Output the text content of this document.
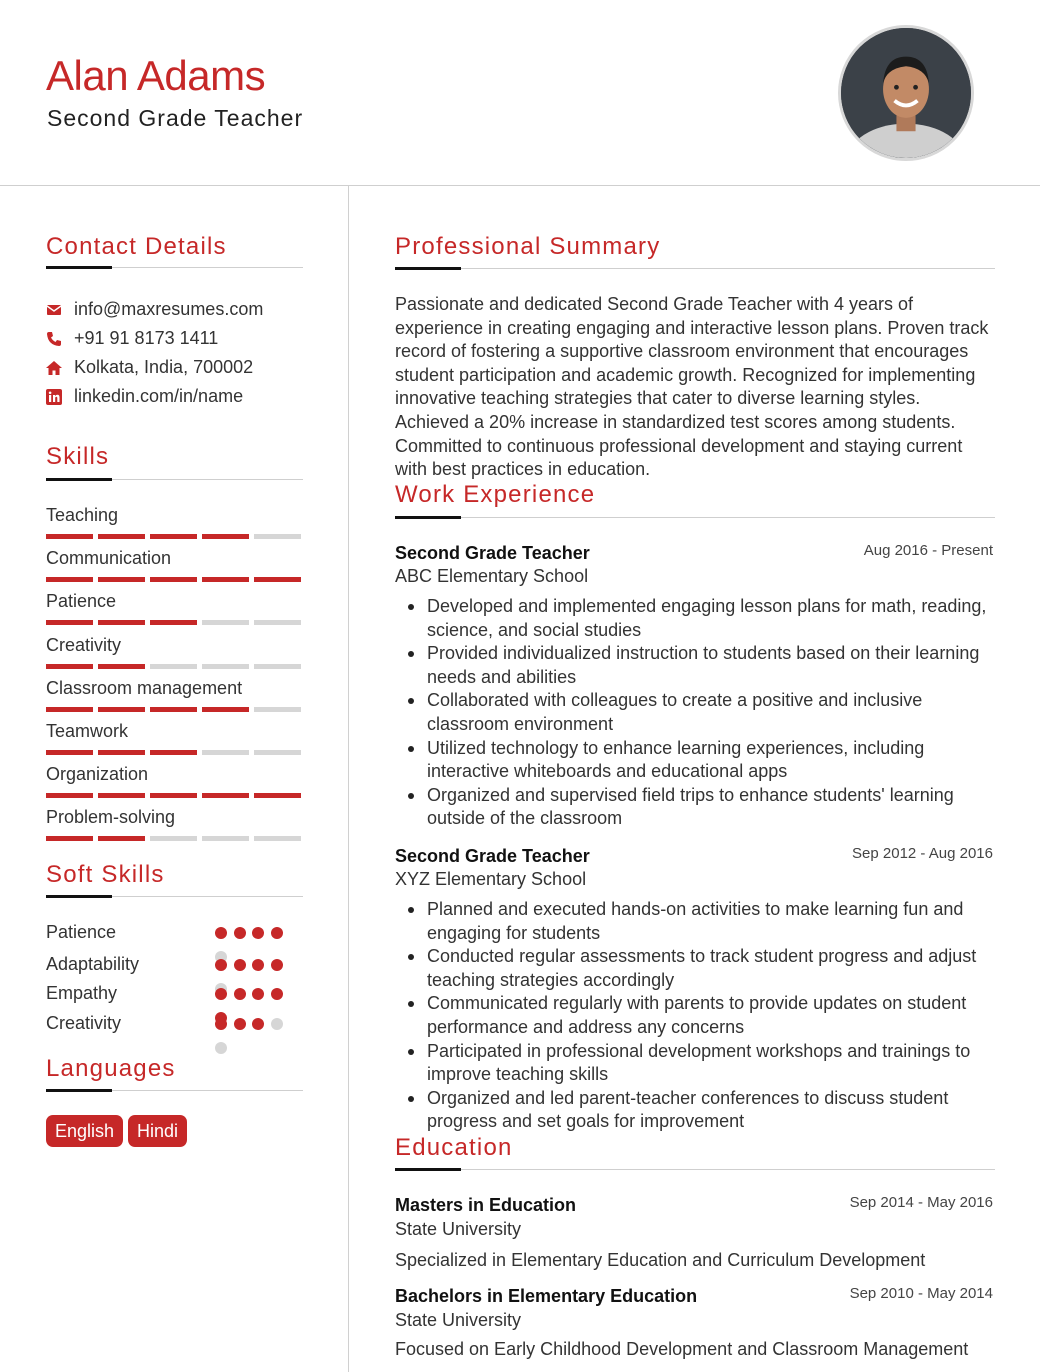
Alan Adams
Second Grade Teacher
Contact Details
info@maxresumes.com
+91 91 8173 1411
Kolkata, India, 700002
linkedin.com/in/name
Skills
Teaching
Communication
Patience
Creativity
Classroom management
Teamwork
Organization
Problem-solving
Soft Skills
Patience
Adaptability
Empathy
Creativity
Languages
English	Hindi
Professional Summary
Passionate and dedicated Second Grade Teacher with 4 years of experience in creating engaging and interactive lesson plans. Proven track record of fostering a supportive classroom environment that encourages student participation and academic growth. Recognized for implementing innovative teaching strategies that cater to diverse learning styles. Achieved a 20% increase in standardized test scores among students. Committed to continuous professional development and staying current with best practices in education.
Work Experience
Second Grade Teacher	Aug 2016 - Present
ABC Elementary School
Developed and implemented engaging lesson plans for math, reading, science, and social studies
Provided individualized instruction to students based on their learning needs and abilities
Collaborated with colleagues to create a positive and inclusive classroom environment
Utilized technology to enhance learning experiences, including interactive whiteboards and educational apps
Organized and supervised field trips to enhance students' learning outside of the classroom
Second Grade Teacher	Sep 2012 - Aug 2016
XYZ Elementary School
Planned and executed hands-on activities to make learning fun and engaging for students
Conducted regular assessments to track student progress and adjust teaching strategies accordingly
Communicated regularly with parents to provide updates on student performance and address any concerns
Participated in professional development workshops and trainings to improve teaching skills
Organized and led parent-teacher conferences to discuss student progress and set goals for improvement
Education
Masters in Education	Sep 2014 - May 2016
State University
Specialized in Elementary Education and Curriculum Development
Bachelors in Elementary Education	Sep 2010 - May 2014
State University
Focused on Early Childhood Development and Classroom Management
